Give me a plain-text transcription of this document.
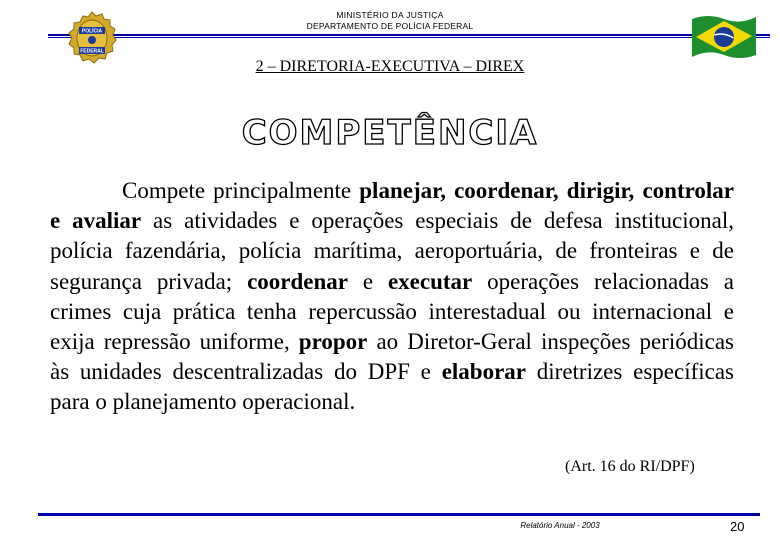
MINISTÉRIO DA JUSTIÇA
DEPARTAMENTO DE POLÍCIA FEDERAL
POLÍCIA
FEDERAL
2 – DIRETORIA-EXECUTIVA – DIREX
COMPETÊNCIA
Compete principalmente planejar, coordenar, dirigir, controlar e avaliar as atividades e operações especiais de defesa institucional, polícia fazendária, polícia marítima, aeroportuária, de fronteiras e de segurança privada; coordenar e executar operações relacionadas a crimes cuja prática tenha repercussão interestadual ou internacional e exija repressão uniforme, propor ao Diretor-Geral inspeções periódicas às unidades descentralizadas do DPF e elaborar diretrizes específicas para o planejamento operacional.
(Art. 16 do RI/DPF)
Relatório Anual - 2003	20
